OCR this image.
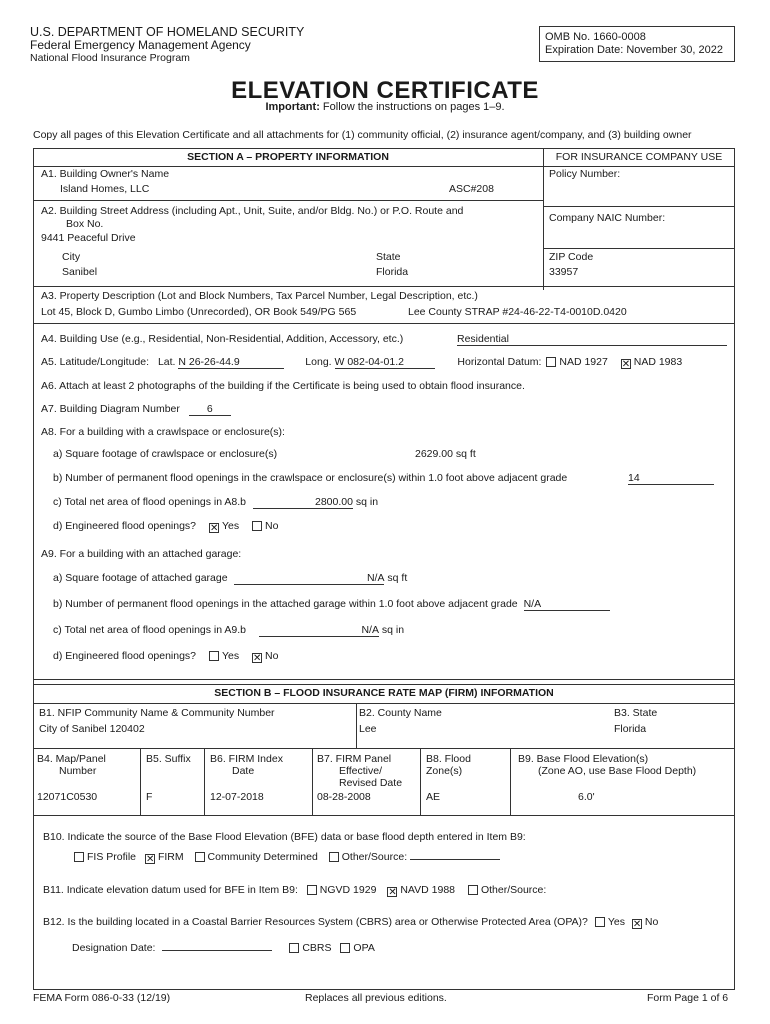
U.S. DEPARTMENT OF HOMELAND SECURITY
Federal Emergency Management Agency
National Flood Insurance Program
OMB No. 1660-0008
Expiration Date: November 30, 2022
ELEVATION CERTIFICATE
Important: Follow the instructions on pages 1–9.
Copy all pages of this Elevation Certificate and all attachments for (1) community official, (2) insurance agent/company, and (3) building owner
SECTION A – PROPERTY INFORMATION	FOR INSURANCE COMPANY USE
A1. Building Owner's Name
Island Homes, LLC	ASC#208
Policy Number:
A2. Building Street Address (including Apt., Unit, Suite, and/or Bldg. No.) or P.O. Route and
Box No.
9441 Peaceful Drive
Company NAIC Number:
City
Sanibel
State
Florida
ZIP Code
33957
A3. Property Description (Lot and Block Numbers, Tax Parcel Number, Legal Description, etc.)
Lot 45, Block D, Gumbo Limbo (Unrecorded), OR Book 549/PG 565	Lee County STRAP #24-46-22-T4-0010D.0420
A4. Building Use (e.g., Residential, Non-Residential, Addition, Accessory, etc.)	Residential
A5. Latitude/Longitude: Lat. N 26-26-44.9	Long. W 082-04-01.2	Horizontal Datum: NAD 1927 ✕ NAD 1983
A6. Attach at least 2 photographs of the building if the Certificate is being used to obtain flood insurance.
A7. Building Diagram Number	6
A8. For a building with a crawlspace or enclosure(s):
a) Square footage of crawlspace or enclosure(s)	2629.00 sq ft
b) Number of permanent flood openings in the crawlspace or enclosure(s) within 1.0 foot above adjacent grade	14
c) Total net area of flood openings in A8.b	2800.00 sq in
d) Engineered flood openings? ✕ Yes No
A9. For a building with an attached garage:
a) Square footage of attached garage	N/A sq ft
b) Number of permanent flood openings in the attached garage within 1.0 foot above adjacent grade N/A
c) Total net area of flood openings in A9.b	N/A sq in
d) Engineered flood openings? Yes ✕ No
SECTION B – FLOOD INSURANCE RATE MAP (FIRM) INFORMATION
B1. NFIP Community Name & Community Number
City of Sanibel 120402
B2. County Name
Lee
B3. State
Florida
B4. Map/Panel
Number
12071C0530
B5. Suffix
F
B6. FIRM Index
Date
12-07-2018
B7. FIRM Panel
Effective/
Revised Date
08-28-2008
B8. Flood
Zone(s)
AE
B9. Base Flood Elevation(s)
(Zone AO, use Base Flood Depth)
6.0'
B10. Indicate the source of the Base Flood Elevation (BFE) data or base flood depth entered in Item B9:
FIS Profile ✕ FIRM Community Determined Other/Source:
B11. Indicate elevation datum used for BFE in Item B9: NGVD 1929 ✕ NAVD 1988 Other/Source:
B12. Is the building located in a Coastal Barrier Resources System (CBRS) area or Otherwise Protected Area (OPA)? Yes ✕ No
Designation Date:	CBRS OPA
FEMA Form 086-0-33 (12/19)	Replaces all previous editions.	Form Page 1 of 6
